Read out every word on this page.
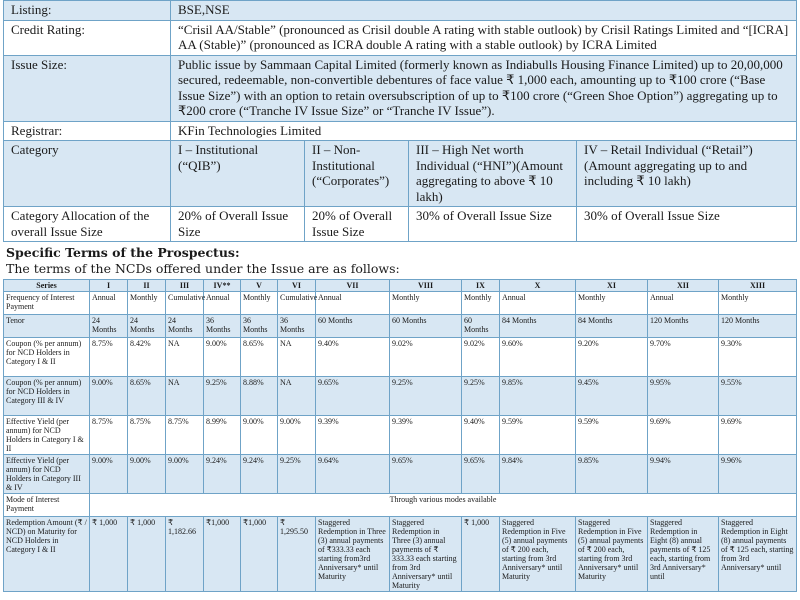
Listing:	BSE,NSE			
Credit Rating:	“Crisil AA/Stable” (pronounced as Crisil double A rating with stable outlook) by Crisil Ratings Limited and “[ICRA] AA (Stable)” (pronounced as ICRA double A rating with a stable outlook) by ICRA Limited			
Issue Size:	Public issue by Sammaan Capital Limited (formerly known as Indiabulls Housing Finance Limited) up to 20,00,000 secured, redeemable, non-convertible debentures of face value ₹ 1,000 each, amounting up to ₹100 crore (“Base Issue Size”) with an option to retain oversubscription of up to ₹100 crore (“Green Shoe Option”) aggregating up to ₹200 crore (“Tranche IV Issue Size” or “Tranche IV Issue”).			
Registrar:	KFin Technologies Limited			
Category	I – Institutional (“QIB”)	II – Non-Institutional (“Corporates”)	III – High Net worth Individual (“HNI”)(Amount aggregating to above ₹ 10 lakh)	IV – Retail Individual (“Retail”) (Amount aggregating up to and including ₹ 10 lakh)
Category Allocation of the overall Issue Size	20% of Overall Issue Size	20% of Overall Issue Size	30% of Overall Issue Size	30% of Overall Issue Size
Specific Terms of the Prospectus:
The terms of the NCDs offered under the Issue are as follows:
Series	I	II	III	IV**	V	VI	VII	VIII	IX	X	XI	XII	XIII
Frequency of Interest Payment	Annual	Monthly	Cumulative	Annual	Monthly	Cumulative	Annual	Monthly	Monthly	Annual	Monthly	Annual	Monthly
Tenor	24 Months	24 Months	24 Months	36 Months	36 Months	36 Months	60 Months	60 Months	60 Months	84 Months	84 Months	120 Months	120 Months
Coupon (% per annum) for NCD Holders in Category I & II	8.75%	8.42%	NA	9.00%	8.65%	NA	9.40%	9.02%	9.02%	9.60%	9.20%	9.70%	9.30%
Coupon (% per annum) for NCD Holders in Category III & IV	9.00%	8.65%	NA	9.25%	8.88%	NA	9.65%	9.25%	9.25%	9.85%	9.45%	9.95%	9.55%
Effective Yield (per annum) for NCD Holders in Category I & II	8.75%	8.75%	8.75%	8.99%	9.00%	9.00%	9.39%	9.39%	9.40%	9.59%	9.59%	9.69%	9.69%
Effective Yield (per annum) for NCD Holders in Category III & IV	9.00%	9.00%	9.00%	9.24%	9.24%	9.25%	9.64%	9.65%	9.65%	9.84%	9.85%	9.94%	9.96%
Mode of Interest Payment	Through various modes available												
Redemption Amount (₹ / NCD) on Maturity for NCD Holders in Category I & II	₹ 1,000	₹ 1,000	₹ 1,182.66	₹1,000	₹1,000	₹ 1,295.50	Staggered Redemption in Three (3) annual payments of ₹333.33 each starting from3rd Anniversary* until Maturity	Staggered Redemption in Three (3) annual payments of ₹ 333.33 each starting from 3rd Anniversary* until Maturity	₹ 1,000	Staggered Redemption in Five (5) annual payments of ₹ 200 each, starting from 3rd Anniversary* until Maturity	Staggered Redemption in Five (5) annual payments of ₹ 200 each, starting from 3rd Anniversary* until Maturity	Staggered Redemption in Eight (8) annual payments of ₹ 125 each, starting from 3rd Anniversary* until	Staggered Redemption in Eight (8) annual payments of ₹ 125 each, starting from 3rd Anniversary* until
